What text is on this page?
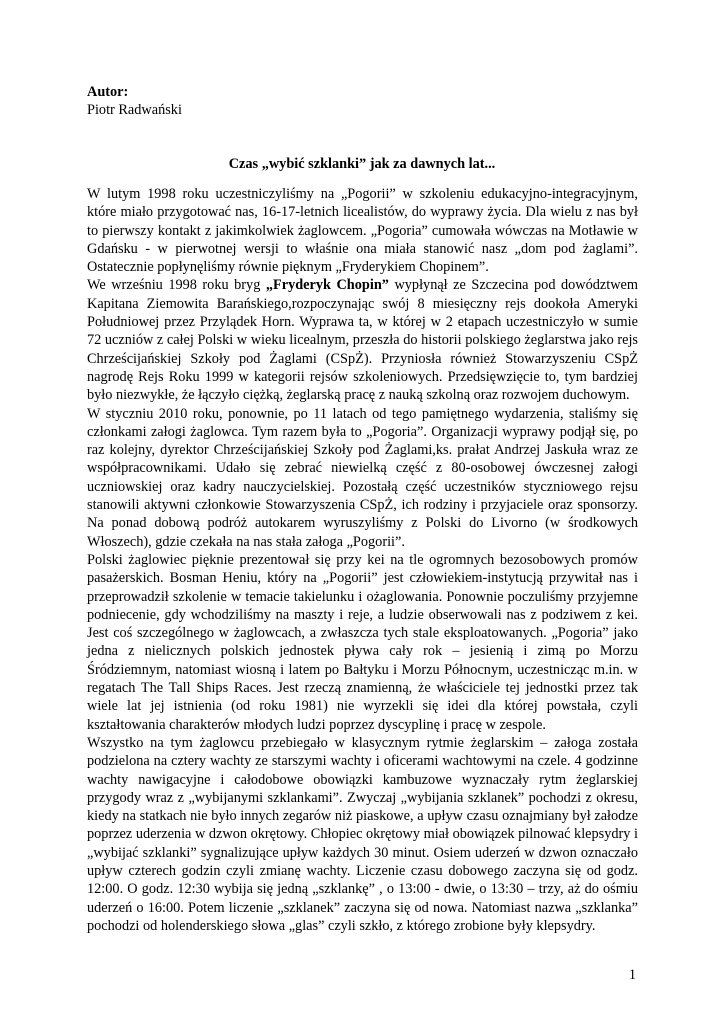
Autor:
Piotr Radwański
Czas „wybić szklanki” jak za dawnych lat...

W lutym 1998 roku uczestniczyliśmy na „Pogorii” w szkoleniu edukacyjno-integracyjnym, które miało przygotować nas, 16-17-letnich licealistów, do wyprawy życia. Dla wielu z nas był to pierwszy kontakt z jakimkolwiek żaglowcem. „Pogoria” cumowała wówczas na Motławie w Gdańsku - w pierwotnej wersji to właśnie ona miała stanowić nasz „dom pod żaglami”. Ostatecznie popłynęliśmy równie pięknym „Fryderykiem Chopinem”.

We wrześniu 1998 roku bryg „Fryderyk Chopin” wypłynął ze Szczecina pod dowództwem Kapitana Ziemowita Barańskiego,rozpoczynając swój 8 miesięczny rejs dookoła Ameryki Południowej przez Przylądek Horn. Wyprawa ta, w której w 2 etapach uczestniczyło w sumie 72 uczniów z całej Polski w wieku licealnym, przeszła do historii polskiego żeglarstwa jako rejs Chrześcijańskiej Szkoły pod Żaglami (CSpŻ). Przyniosła również Stowarzyszeniu CSpŻ nagrodę Rejs Roku 1999 w kategorii rejsów szkoleniowych. Przedsięwzięcie to, tym bardziej było niezwykłe, że łączyło ciężką, żeglarską pracę z nauką szkolną oraz rozwojem duchowym.

W styczniu 2010 roku, ponownie, po 11 latach od tego pamiętnego wydarzenia, staliśmy się członkami załogi żaglowca. Tym razem była to „Pogoria”. Organizacji wyprawy podjął się, po raz kolejny, dyrektor Chrześcijańskiej Szkoły pod Żaglami,ks. prałat Andrzej Jaskuła wraz ze współpracownikami. Udało się zebrać niewielką część z 80-osobowej ówczesnej załogi uczniowskiej oraz kadry nauczycielskiej. Pozostałą część uczestników styczniowego rejsu stanowili aktywni członkowie Stowarzyszenia CSpŻ, ich rodziny i przyjaciele oraz sponsorzy. Na ponad dobową podróż autokarem wyruszyliśmy z Polski do Livorno (w środkowych Włoszech), gdzie czekała na nas stała załoga „Pogorii”.

Polski żaglowiec pięknie prezentował się przy kei na tle ogromnych bezosobowych promów pasażerskich. Bosman Heniu, który na „Pogorii” jest człowiekiem-instytucją przywitał nas i przeprowadził szkolenie w temacie takielunku i ożaglowania. Ponownie poczuliśmy przyjemne podniecenie, gdy wchodziliśmy na maszty i reje, a ludzie obserwowali nas z podziwem z kei. Jest coś szczególnego w żaglowcach, a zwłaszcza tych stale eksploatowanych. „Pogoria” jako jedna z nielicznych polskich jednostek pływa cały rok – jesienią i zimą po Morzu Śródziemnym, natomiast wiosną i latem po Bałtyku i Morzu Północnym, uczestnicząc m.in. w regatach The Tall Ships Races. Jest rzeczą znamienną, że właściciele tej jednostki przez tak wiele lat jej istnienia (od roku 1981) nie wyrzekli się idei dla której powstała, czyli kształtowania charakterów młodych ludzi poprzez dyscyplinę i pracę w zespole.

Wszystko na tym żaglowcu przebiegało w klasycznym rytmie żeglarskim – załoga została podzielona na cztery wachty ze starszymi wachty i oficerami wachtowymi na czele. 4 godzinne wachty nawigacyjne i całodobowe obowiązki kambuzowe wyznaczały rytm żeglarskiej przygody wraz z „wybijanymi szklankami”. Zwyczaj „wybijania szklanek” pochodzi z okresu, kiedy na statkach nie było innych zegarów niż piaskowe, a upływ czasu oznajmiany był załodze poprzez uderzenia w dzwon okrętowy. Chłopiec okrętowy miał obowiązek pilnować klepsydry i „wybijać szklanki” sygnalizujące upływ każdych 30 minut. Osiem uderzeń w dzwon oznaczało upływ czterech godzin czyli zmianę wachty. Liczenie czasu dobowego zaczyna się od godz. 12:00. O godz. 12:30 wybija się jedną „szklankę” , o 13:00 - dwie, o 13:30 – trzy, aż do ośmiu uderzeń o 16:00. Potem liczenie „szklanek” zaczyna się od nowa. Natomiast nazwa „szklanka” pochodzi od holenderskiego słowa „glas” czyli szkło, z którego zrobione były klepsydry.

1
